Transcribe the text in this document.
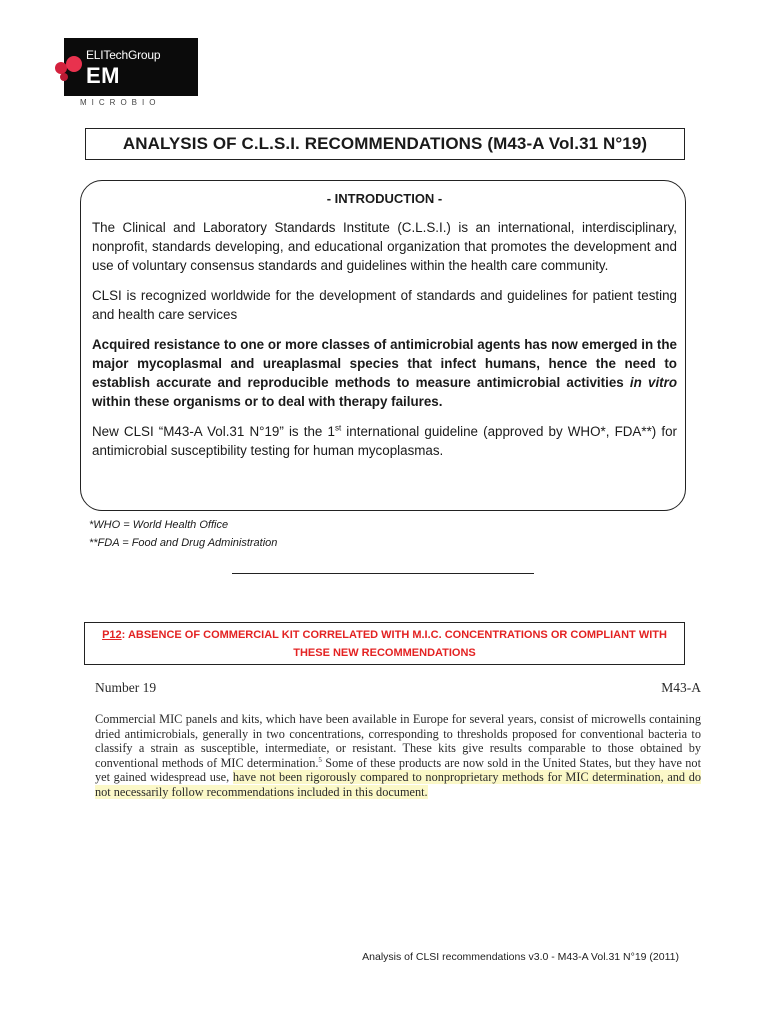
ELITechGroup
EM
MICROBIO
ANALYSIS OF C.L.S.I. RECOMMENDATIONS (M43-A Vol.31 N°19)
- INTRODUCTION -

The Clinical and Laboratory Standards Institute (C.L.S.I.) is an international, interdisciplinary, nonprofit, standards developing, and educational organization that promotes the development and use of voluntary consensus standards and guidelines within the health care community.

CLSI is recognized worldwide for the development of standards and guidelines for patient testing and health care services

Acquired resistance to one or more classes of antimicrobial agents has now emerged in the major mycoplasmal and ureaplasmal species that infect humans, hence the need to establish accurate and reproducible methods to measure antimicrobial activities in vitro within these organisms or to deal with therapy failures.

New CLSI “M43-A Vol.31 N°19” is the 1st international guideline (approved by WHO*, FDA**) for antimicrobial susceptibility testing for human mycoplasmas.

*WHO = World Health Office
**FDA = Food and Drug Administration
P12: ABSENCE OF COMMERCIAL KIT CORRELATED WITH M.I.C. CONCENTRATIONS OR COMPLIANT WITH THESE NEW RECOMMENDATIONS
Number 19	M43-A
Commercial MIC panels and kits, which have been available in Europe for several years, consist of microwells containing dried antimicrobials, generally in two concentrations, corresponding to thresholds proposed for conventional bacteria to classify a strain as susceptible, intermediate, or resistant. These kits give results comparable to those obtained by conventional methods of MIC determination.$^5$ Some of these products are now sold in the United States, but they have not yet gained widespread use, have not been rigorously compared to nonproprietary methods for MIC determination, and do not necessarily follow recommendations included in this document.
Analysis of CLSI recommendations v3.0 - M43-A Vol.31 N°19 (2011)
